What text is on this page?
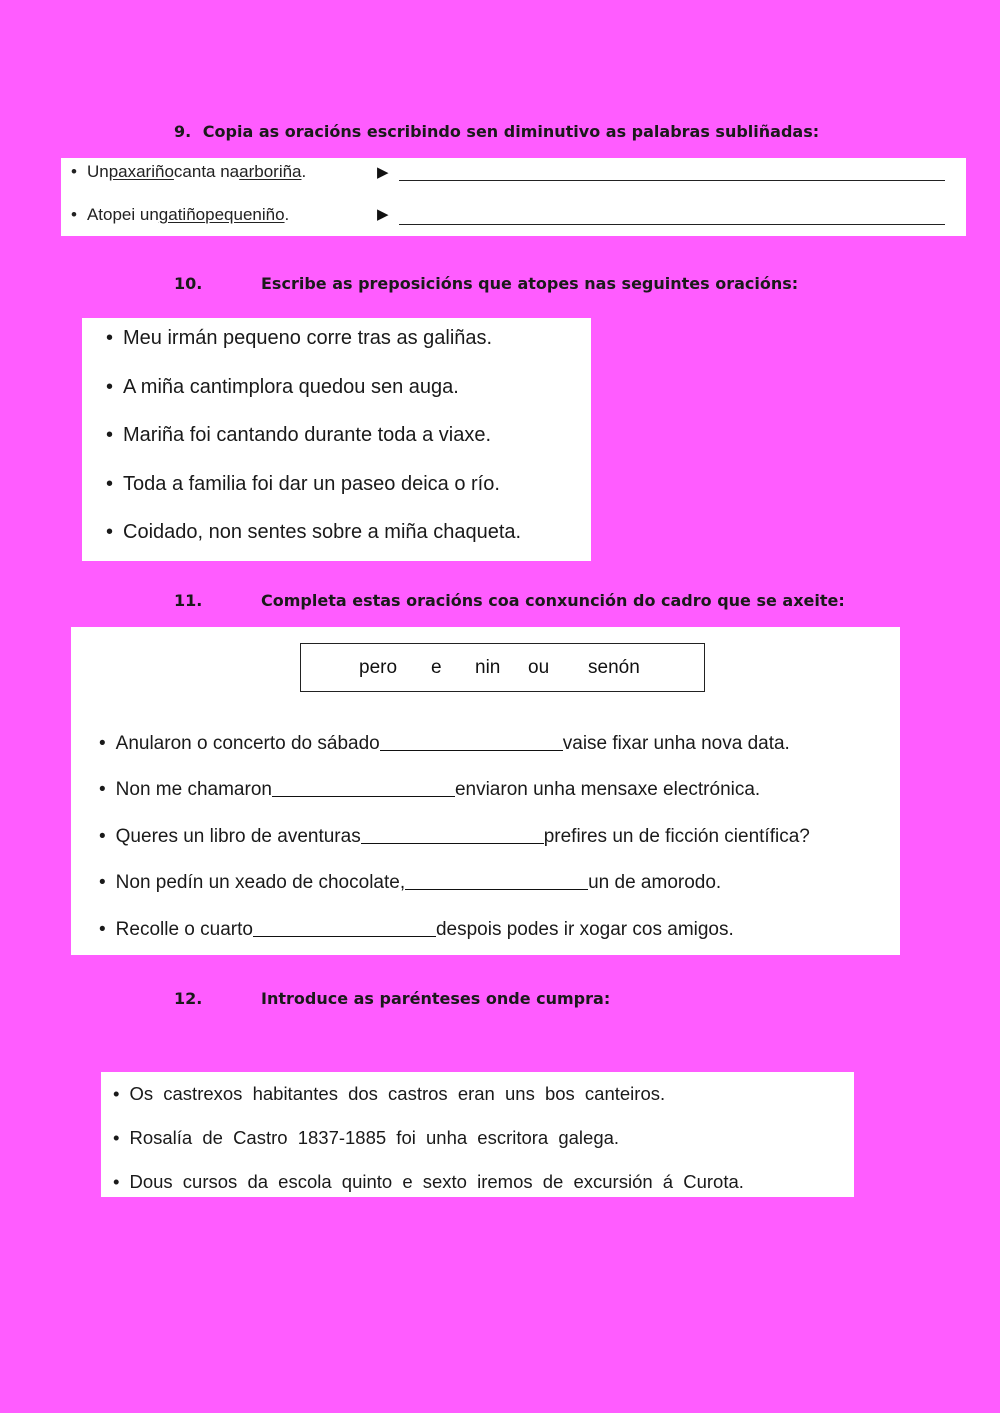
9. Copia as oracións escribindo sen diminutivo as palabras subliñadas:
• Un paxariño canta na arboriña .	▶
• Atopei un gatiño pequeniño .	▶
10.	Escribe as preposicións que atopes nas seguintes oracións:
• Meu irmán pequeno corre tras as galiñas.
• A miña cantimplora quedou sen auga.
• Mariña foi cantando durante toda a viaxe.
• Toda a familia foi dar un paseo deica o río.
• Coidado, non sentes sobre a miña chaqueta.
11.	Completa estas oracións coa conxunción do cadro que se axeite:
pero e nin ou senón
• Anularon o concerto do sábado	vaise fixar unha nova data.
• Non me chamaron	enviaron unha mensaxe electrónica.
• Queres un libro de aventuras	prefires un de ficción científica?
• Non pedín un xeado de chocolate,	un de amorodo.
• Recolle o cuarto	despois podes ir xogar cos amigos.
12.	Introduce as parénteses onde cumpra:
• Os castrexos habitantes dos castros eran uns bos canteiros.
• Rosalía de Castro 1837-1885 foi unha escritora galega.
• Dous cursos da escola quinto e sexto iremos de excursión á Curota.
